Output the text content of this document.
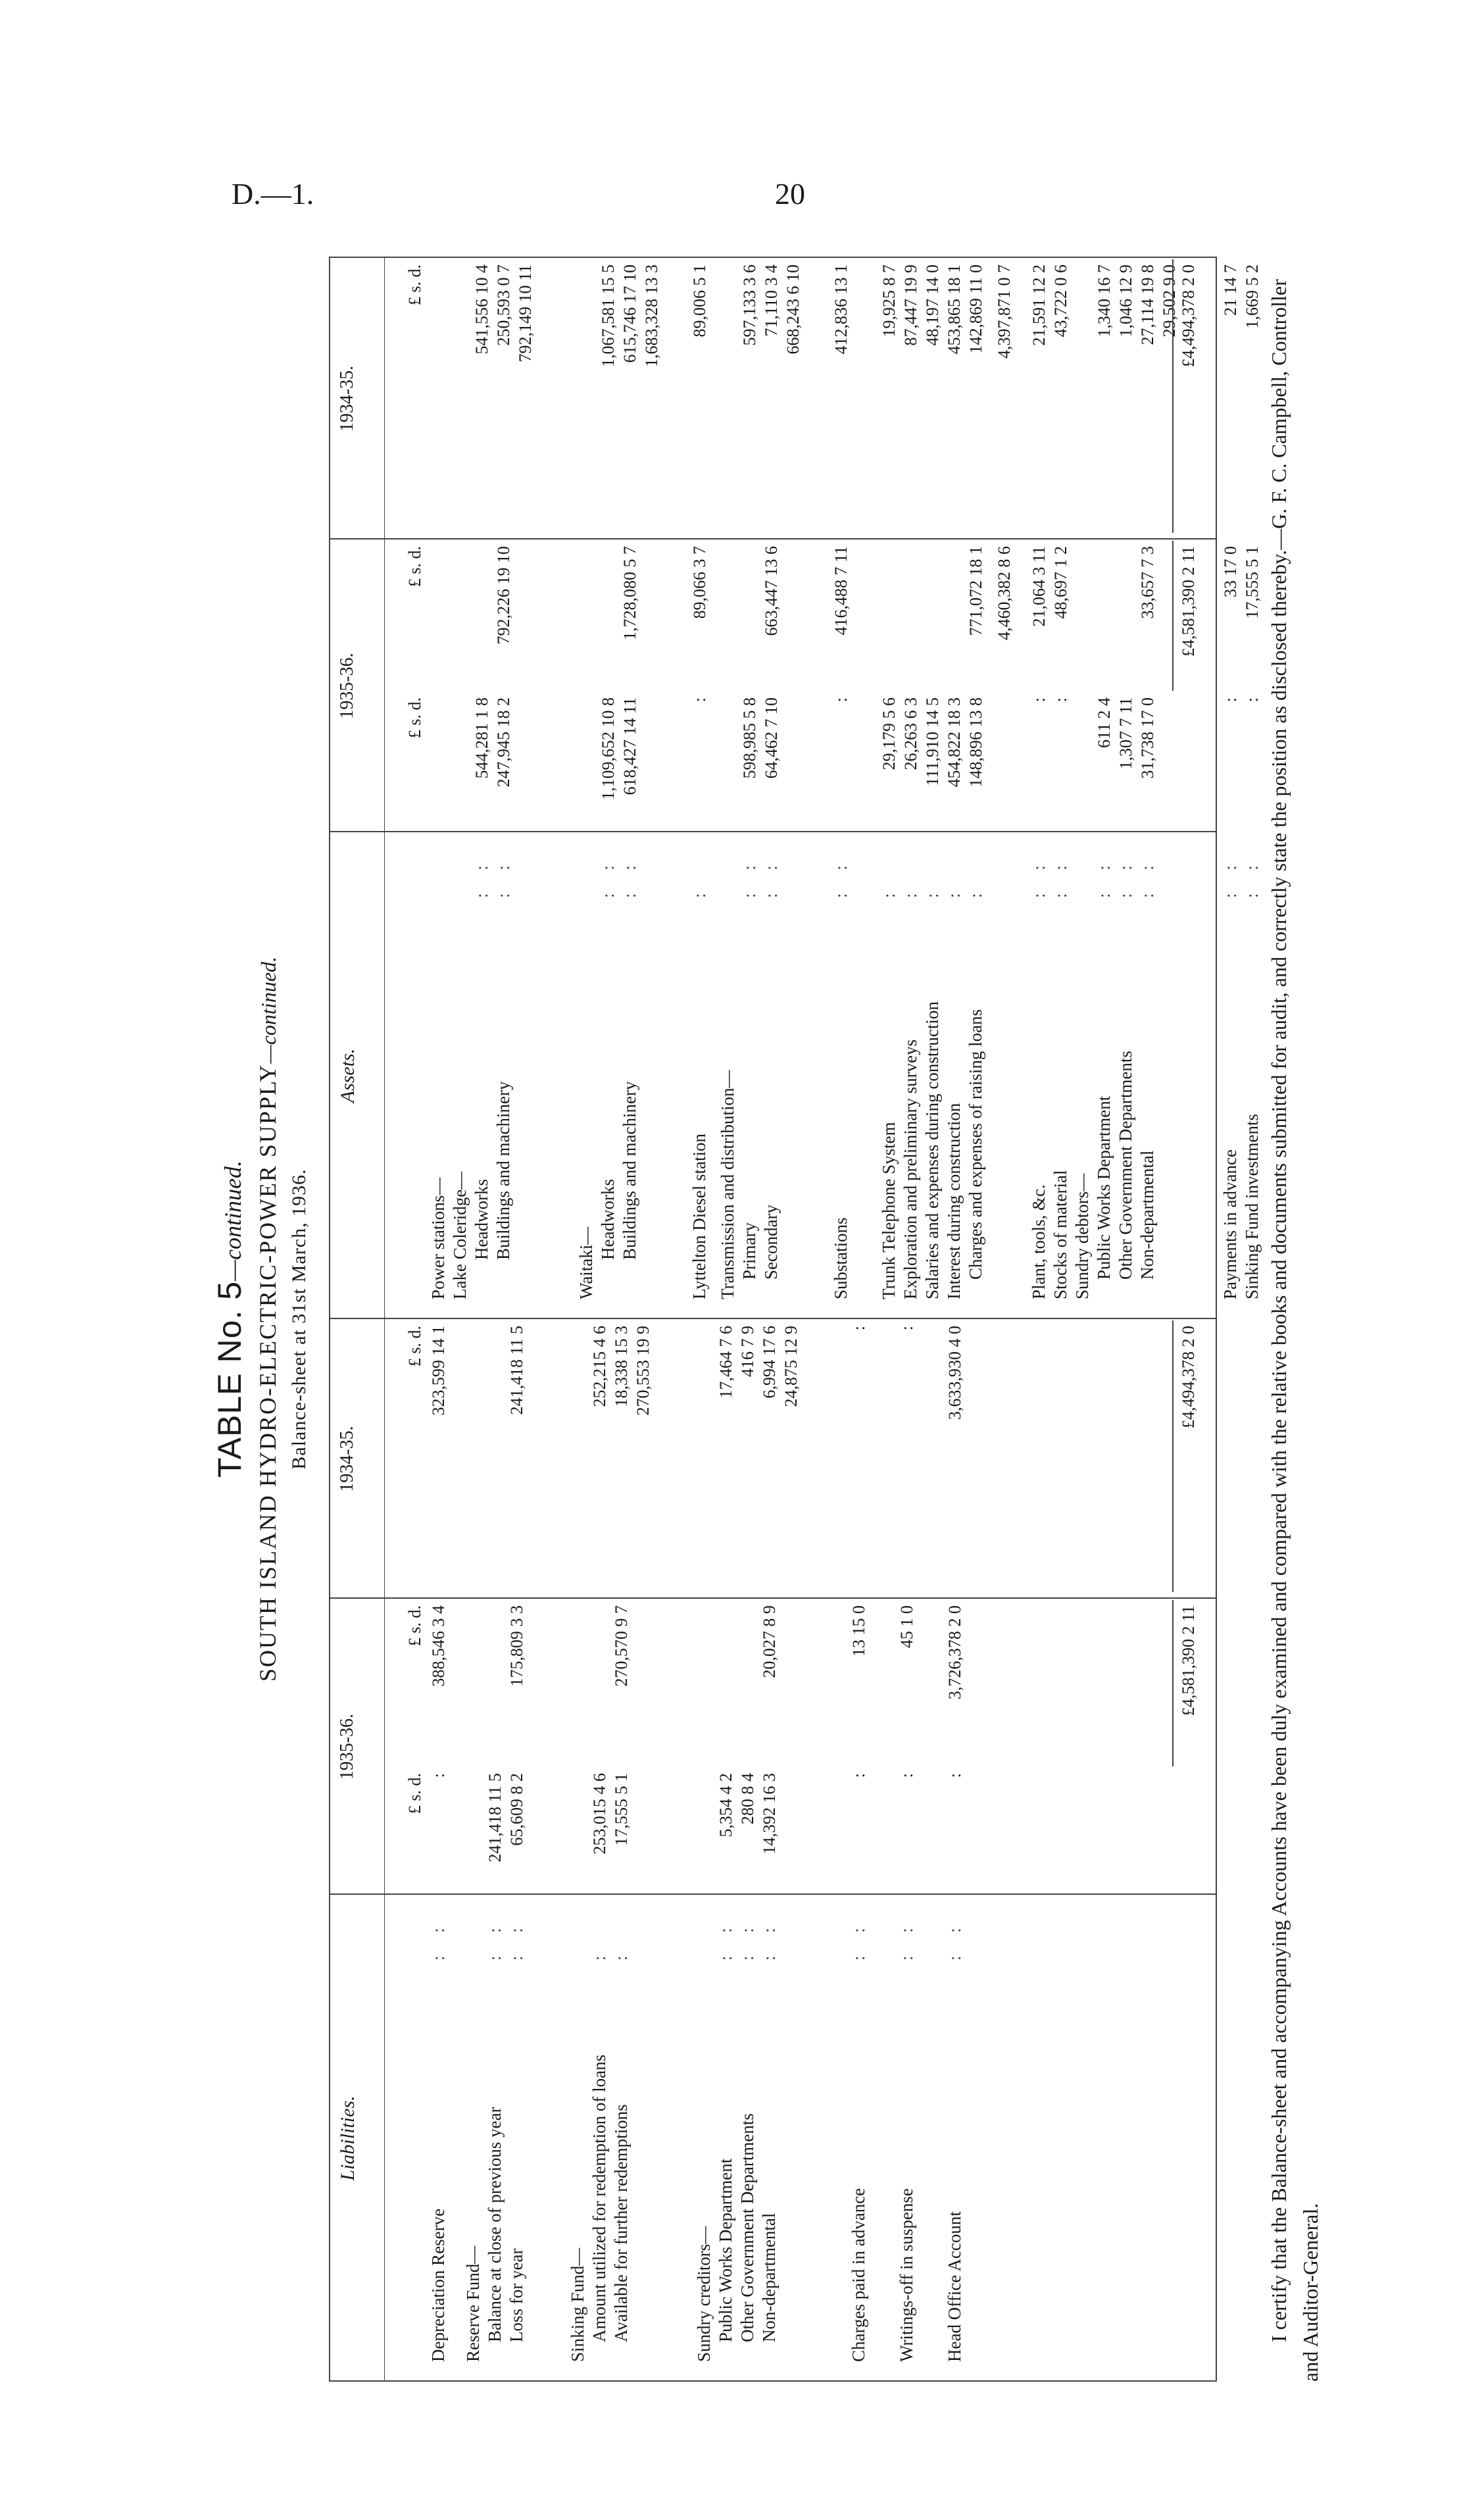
D.—1.	20
TABLE No. 5—continued. SOUTH ISLAND HYDRO-ELECTRIC-POWER SUPPLY—continued.
Balance-sheet at 31st March, 1936.
Liabilities.
1935-36.
1934-35.
Assets.
1935-36.
1934-35.
£ s. d.
£ s. d.
£ s. d.
Depreciation Reserve
: :
:
388,546 3 4
323,599 14 1
Reserve Fund— Balance at close of previous year
: :
241,418 11 5
Loss for year
: :
65,609 8 2
175,809 3 3
241,418 11 5
Sinking Fund— Amount utilized for redemption of loans
:
253,015 4 6
252,215 4 6
Available for further redemptions
:
17,555 5 1
270,570 9 7
18,338 15 3 270,553 19 9
Sundry creditors— Public Works Department
: :
5,354 4 2
17,464 7 6
Other Government Departments
: :
280 8 4
416 7 9
Non-departmental
: :
14,392 16 3
20,027 8 9
6,994 17 6 24,875 12 9
Charges paid in advance
: :
:
13 15 0
:
Writings-off in suspense
: :
:
45 1 0
:
Head Office Account
: :
:
3,726,378 2 0
3,633,930 4 0
£4,581,390 2 11
£4,494,378 2 0
£ s. d.
£ s. d.
£ s. d.
Power stations— Lake Coleridge— Headworks
: :
544,281 1 8
541,556 10 4
Buildings and machinery
: :
247,945 18 2
792,226 19 10
250,593 0 7 792,149 10 11
Waitaki—
Headworks
: :
1,109,652 10 8
1,067,581 15 5
Buildings and machinery
: :
618,427 14 11
1,728,080 5 7
615,746 17 10 1,683,328 13 3
Lyttelton Diesel station
:
:
89,066 3 7
89,006 5 1
Transmission and distribution— Primary
: :
598,985 5 8
597,133 3 6
Secondary
: :
64,462 7 10
663,447 13 6
71,110 3 4 668,243 6 10
Substations
: :
:
416,488 7 11
412,836 13 1
Trunk Telephone System
:
29,179 5 6
19,925 8 7
Exploration and preliminary surveys
:
26,263 6 3
87,447 19 9
Salaries and expenses during construction
:
111,910 14 5
48,197 14 0
Interest during construction
:
454,822 18 3
453,865 18 1
Charges and expenses of raising loans
:
148,896 13 8
771,072 18 1
142,869 11 0
4,460,382 8 6
4,397,871 0 7
Plant, tools, &c.
: :
:
21,064 3 11
21,591 12 2
Stocks of material
: :
:
48,697 1 2
43,722 0 6
Sundry debtors— Public Works Department
: :
611 2 4
1,340 16 7
Other Government Departments
: :
1,307 7 11
1,046 12 9
Non-departmental
: :
31,738 17 0
33,657 7 3
27,114 19 8 29,502 9 0
Payments in advance
: :
:
33 17 0
21 14 7
Sinking Fund investments
: :
:
17,555 5 1
1,669 5 2
£4,581,390 2 11
£4,494,378 2 0	I certify that the Balance-sheet and accompanying Accounts have been duly examined and compared with the relative books and documents submitted for audit, and correctly state the position as disclosed thereby.—G. F. C. Campbell, Controller and Auditor-General.
